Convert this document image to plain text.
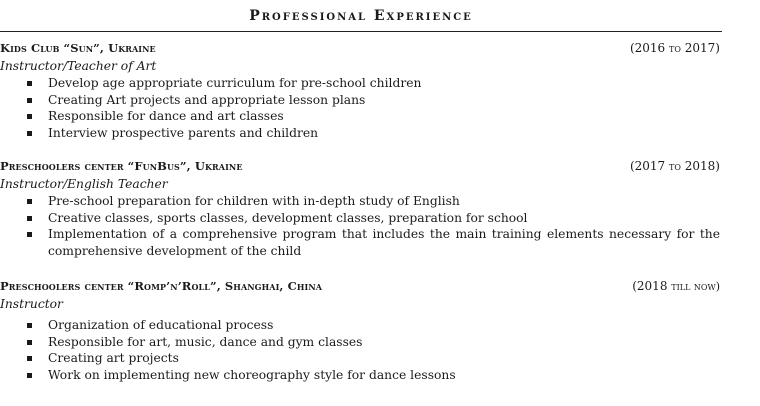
Professional Experience
Kids Club “Sun”, Ukraine	(2016 to 2017)
Instructor/Teacher of Art
Develop age appropriate curriculum for pre-school children
Creating Art projects and appropriate lesson plans
Responsible for dance and art classes
Interview prospective parents and children
Preschoolers center “FunBus”, Ukraine	(2017 to 2018)
Instructor/English Teacher
Pre-school preparation for children with in-depth study of English
Creative classes, sports classes, development classes, preparation for school
Implementation of a comprehensive program that includes the main training elements necessary for the comprehensive development of the child
Preschoolers center “Romp’n’Roll”, Shanghai, China	(2018 till now)
Instructor
Organization of educational process
Responsible for art, music, dance and gym classes
Creating art projects
Work on implementing new choreography style for dance lessons
